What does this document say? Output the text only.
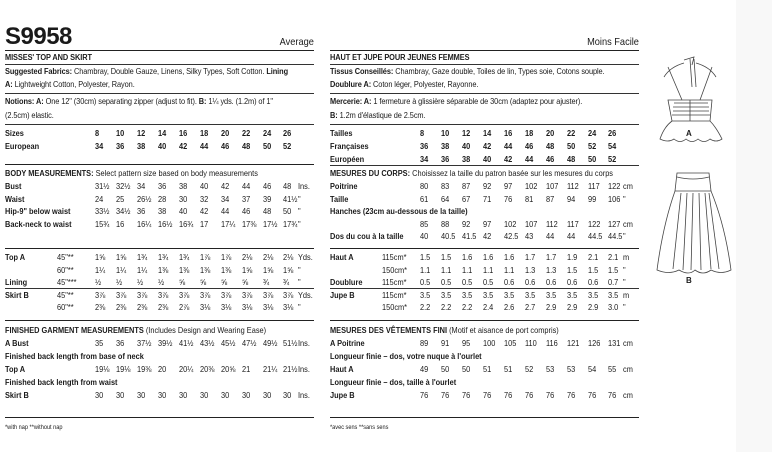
S9958	Average
MISSES' TOP AND SKIRT
Suggested Fabrics: Chambray, Double Gauze, Linens, Silky Types, Soft Cotton. Lining
A: Lightweight Cotton, Polyester, Rayon.
Notions: A: One 12" (30cm) separating zipper (adjust to fit). B: 1¼ yds. (1.2m) of 1"
(2.5cm) elastic.
Sizes	8 10 12 14 16 18 20 22 24 26
European	34 36 38 40 42 44 46 48 50 52
BODY MEASUREMENTS: Select pattern size based on body measurements
Bust	31½ 32½ 34 36 38 40 42 44 46 48 Ins.
Waist	24 25 26½ 28 30 32 34 37 39 41½ "
Hip-9" below waist	33½ 34½ 36 38 40 42 44 46 48 50 "
Back-neck to waist	15¾ 16 16¼ 16½ 16¾ 17 17¼ 17⅜ 17½ 17¾ "
Top A	45"** 1⅝ 1⅝ 1¾ 1¾ 1¾ 1⅞ 1⅞ 2⅛ 2⅛ 2⅛ Yds.
60"** 1¼ 1¼ 1¼ 1⅜ 1⅜ 1⅜ 1⅜ 1⅝ 1⅝ 1⅝ "
Lining	45"*** ½ ½ ½ ½ ⅝ ⅝ ⅝ ⅝ ¾ ¾ "
Skirt B	45"** 3⅞ 3⅞ 3⅞ 3⅞ 3⅞ 3⅞ 3⅞ 3⅞ 3⅞ 3⅞ Yds.
60"** 2⅜ 2⅜ 2⅜ 2⅜ 2⅞ 3⅛ 3⅛ 3⅛ 3⅛ 3⅛ "
FINISHED GARMENT MEASUREMENTS (Includes Design and Wearing Ease)
A Bust	35 36 37½ 39½ 41½ 43½ 45½ 47½ 49½ 51½ Ins.
Finished back length from base of neck
Top A	19⅛ 19⅛ 19⅜ 20 20¼ 20⅜ 20⅝ 21 21¼ 21½ Ins.
Finished back length from waist
Skirt B	30 30 30 30 30 30 30 30 30 30 Ins.
*with nap **without nap
Moins Facile
HAUT ET JUPE POUR JEUNES FEMMES
Tissus Conseillés: Chambray, Gaze double, Toiles de lin, Types soie, Cotons souple.
Doublure A: Coton léger, Polyester, Rayonne.
Mercerie: A: 1 fermeture à glissière séparable de 30cm (adaptez pour ajuster).
B: 1.2m d'élastique de 2.5cm.
Tailles	8 10 12 14 16 18 20 22 24 26
Françaises	36 38 40 42 44 46 48 50 52 54
Européen	34 36 38 40 42 44 46 48 50 52
MESURES DU CORPS: Choisissez la taille du patron basée sur les mesures du corps
Poitrine	80 83 87 92 97 102 107 112 117 122 cm
Taille	61 64 67 71 76 81 87 94 99 106 "
Hanches (23cm au-dessous de la taille)
85 88 92 97 102 107 112 117 122 127 cm
Dos du cou à la taille 40 40.5 41.5 42 42.5 43 44 44 44.5 44.5 "
Haut A	115cm* 1.5 1.5 1.6 1.6 1.6 1.7 1.7 1.9 2.1 2.1 m
150cm* 1.1 1.1 1.1 1.1 1.1 1.3 1.3 1.5 1.5 1.5 "
Doublure 115cm* 0.5 0.5 0.5 0.5 0.6 0.6 0.6 0.6 0.6 0.7 "
Jupe B	115cm* 3.5 3.5 3.5 3.5 3.5 3.5 3.5 3.5 3.5 3.5 m
150cm* 2.2 2.2 2.2 2.4 2.6 2.7 2.9 2.9 2.9 3.0 "
MESURES DES VÊTEMENTS FINI (Motif et aisance de port compris)
A Poitrine	89 91 95 100 105 110 116 121 126 131 cm
Longueur finie – dos, votre nuque à l'ourlet
Haut A	49 50 50 51 51 52 53 53 54 55 cm
Longueur finie – dos, taille à l'ourlet
Jupe B	76 76 76 76 76 76 76 76 76 76 cm
*avec sens **sans sens
A
B
